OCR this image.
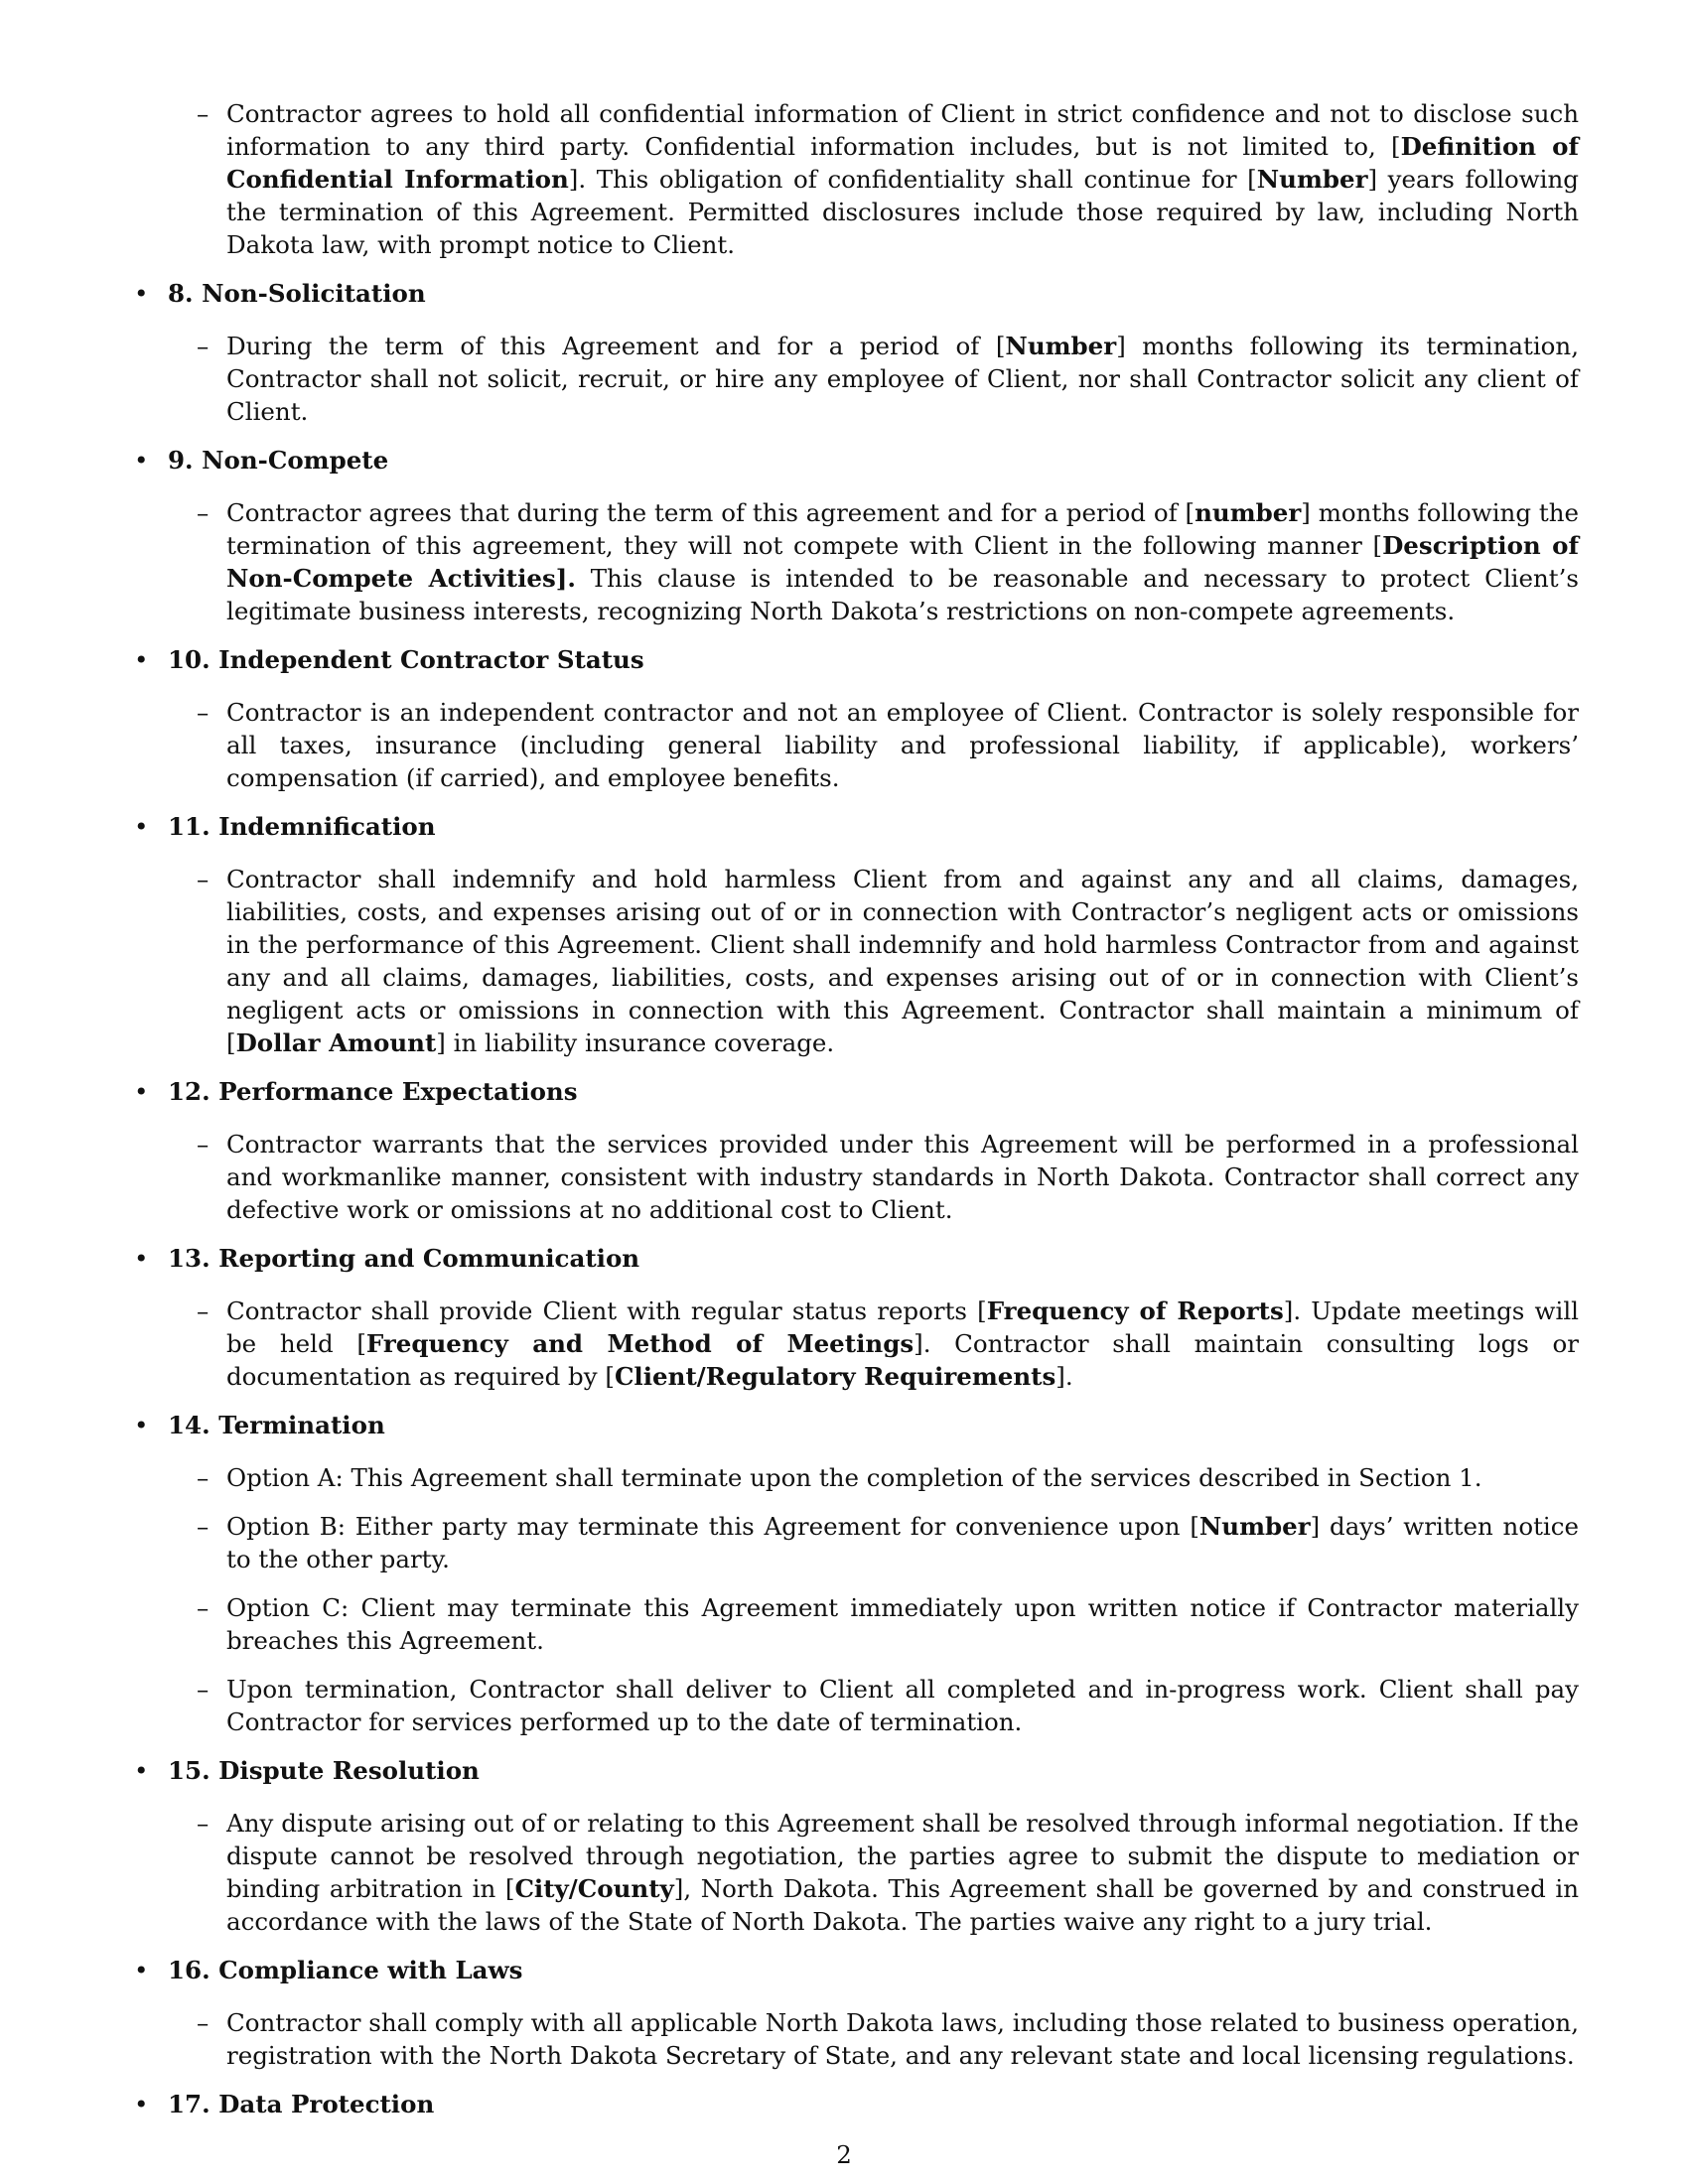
–
Contractor agrees to hold all confidential information of Client in strict confidence and not to disclose such information to any third party. Confidential information includes, but is not limited to, [Definition of Confidential Information]. This obligation of confidentiality shall continue for [Number] years following the termination of this Agreement. Permitted disclosures include those required by law, including North Dakota law, with prompt notice to Client.
• 8. Non-Solicitation
–
During the term of this Agreement and for a period of [Number] months following its termination, Contractor shall not solicit, recruit, or hire any employee of Client, nor shall Contractor solicit any client of Client.
• 9. Non-Compete
–
Contractor agrees that during the term of this agreement and for a period of [number] months following the termination of this agreement, they will not compete with Client in the following manner [Description of Non-Compete Activities]. This clause is intended to be reasonable and necessary to protect Client’s legitimate business interests, recognizing North Dakota’s restrictions on non-compete agreements.
• 10. Independent Contractor Status
–
Contractor is an independent contractor and not an employee of Client. Contractor is solely responsible for all taxes, insurance (including general liability and professional liability, if applicable), workers’ compensation (if carried), and employee benefits.
• 11. Indemnification
–
Contractor shall indemnify and hold harmless Client from and against any and all claims, damages, liabilities, costs, and expenses arising out of or in connection with Contractor’s negligent acts or omissions in the performance of this Agreement. Client shall indemnify and hold harmless Contractor from and against any and all claims, damages, liabilities, costs, and expenses arising out of or in connection with Client’s negligent acts or omissions in connection with this Agreement. Contractor shall maintain a minimum of [Dollar Amount] in liability insurance coverage.
• 12. Performance Expectations
–
Contractor warrants that the services provided under this Agreement will be performed in a professional and workmanlike manner, consistent with industry standards in North Dakota. Contractor shall correct any defective work or omissions at no additional cost to Client.
• 13. Reporting and Communication
–
Contractor shall provide Client with regular status reports [Frequency of Reports]. Update meetings will be held [Frequency and Method of Meetings]. Contractor shall maintain consulting logs or documentation as required by [Client/Regulatory Requirements].
• 14. Termination
–
Option A: This Agreement shall terminate upon the completion of the services described in Section 1.
–
Option B: Either party may terminate this Agreement for convenience upon [Number] days’ written notice to the other party.
–
Option C: Client may terminate this Agreement immediately upon written notice if Contractor materially breaches this Agreement.
–
Upon termination, Contractor shall deliver to Client all completed and in-progress work. Client shall pay Contractor for services performed up to the date of termination.
• 15. Dispute Resolution
–
Any dispute arising out of or relating to this Agreement shall be resolved through informal negotiation. If the dispute cannot be resolved through negotiation, the parties agree to submit the dispute to mediation or binding arbitration in [City/County], North Dakota. This Agreement shall be governed by and construed in accordance with the laws of the State of North Dakota. The parties waive any right to a jury trial.
• 16. Compliance with Laws
–
Contractor shall comply with all applicable North Dakota laws, including those related to business operation, registration with the North Dakota Secretary of State, and any relevant state and local licensing regulations.
• 17. Data Protection
2
